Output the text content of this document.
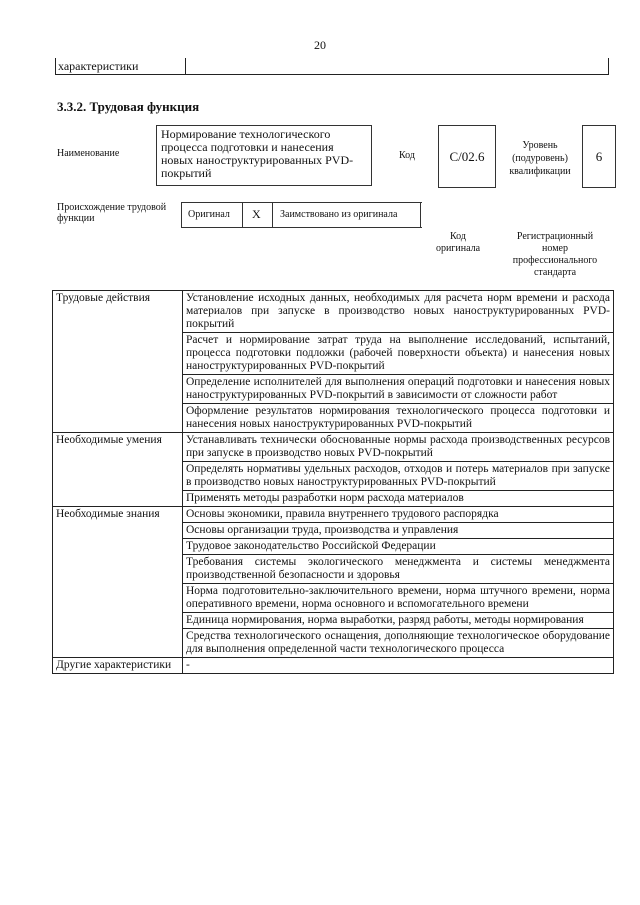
20
характеристики
3.3.2. Трудовая функция
Наименование
Нормирование технологического процесса подготовки и нанесения новых наноструктурированных PVD-покрытий
Код	C/02.6
Уровень (подуровень) квалификации
6
Происхождение трудовой функции	Оригинал X Заимствовано из оригинала
Код оригинала
Регистрационный номер профессионального стандарта
Трудовые действия	Установление исходных данных, необходимых для расчета норм времени и расхода материалов при запуске в производство новых наноструктурированных PVD-покрытий
	Расчет и нормирование затрат труда на выполнение исследований, испытаний, процесса подготовки подложки (рабочей поверхности объекта) и нанесения новых наноструктурированных PVD-покрытий
	Определение исполнителей для выполнения операций подготовки и нанесения новых наноструктурированных PVD-покрытий в зависимости от сложности работ
	Оформление результатов нормирования технологического процесса подготовки и нанесения новых наноструктурированных PVD-покрытий
Необходимые умения	Устанавливать технически обоснованные нормы расхода производственных ресурсов при запуске в производство новых PVD-покрытий
	Определять нормативы удельных расходов, отходов и потерь материалов при запуске в производство новых наноструктурированных PVD-покрытий
	Применять методы разработки норм расхода материалов
Необходимые знания	Основы экономики, правила внутреннего трудового распорядка
	Основы организации труда, производства и управления
	Трудовое законодательство Российской Федерации
	Требования системы экологического менеджмента и системы менеджмента производственной безопасности и здоровья
	Норма подготовительно-заключительного времени, норма штучного времени, норма оперативного времени, норма основного и вспомогательного времени
	Единица нормирования, норма выработки, разряд работы, методы нормирования
	Средства технологического оснащения, дополняющие технологическое оборудование для выполнения определенной части технологического процесса
Другие характеристики	-
